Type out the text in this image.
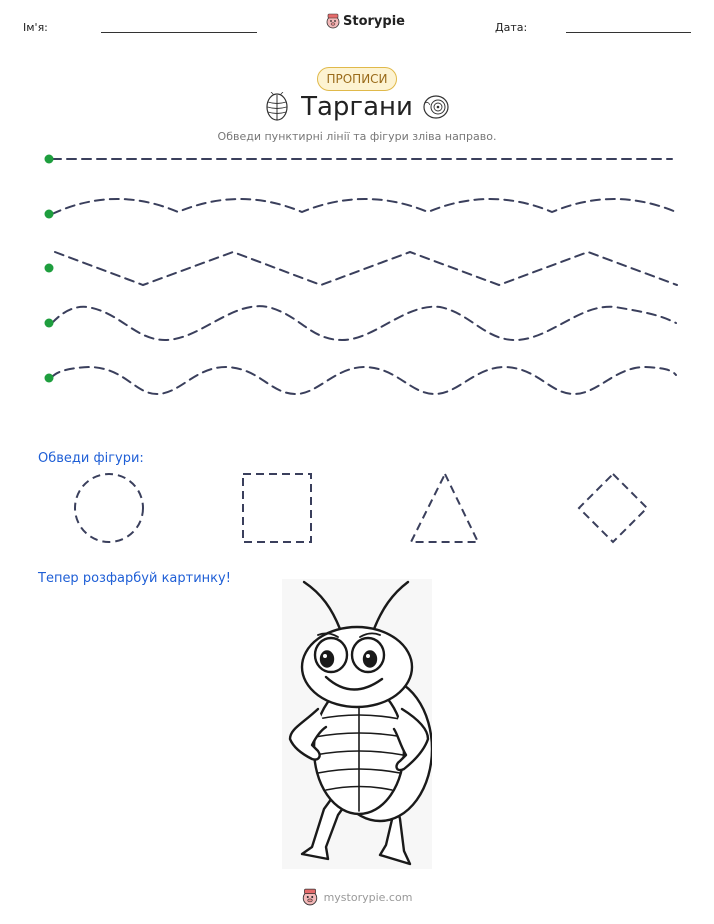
Ім'я:	Storypie	Дата:
ПРОПИСИ
Таргани
Обведи пунктирні лінії та фігури зліва направо.
Обведи фігури:
Тепер розфарбуй картинку!
mystorypie.com
